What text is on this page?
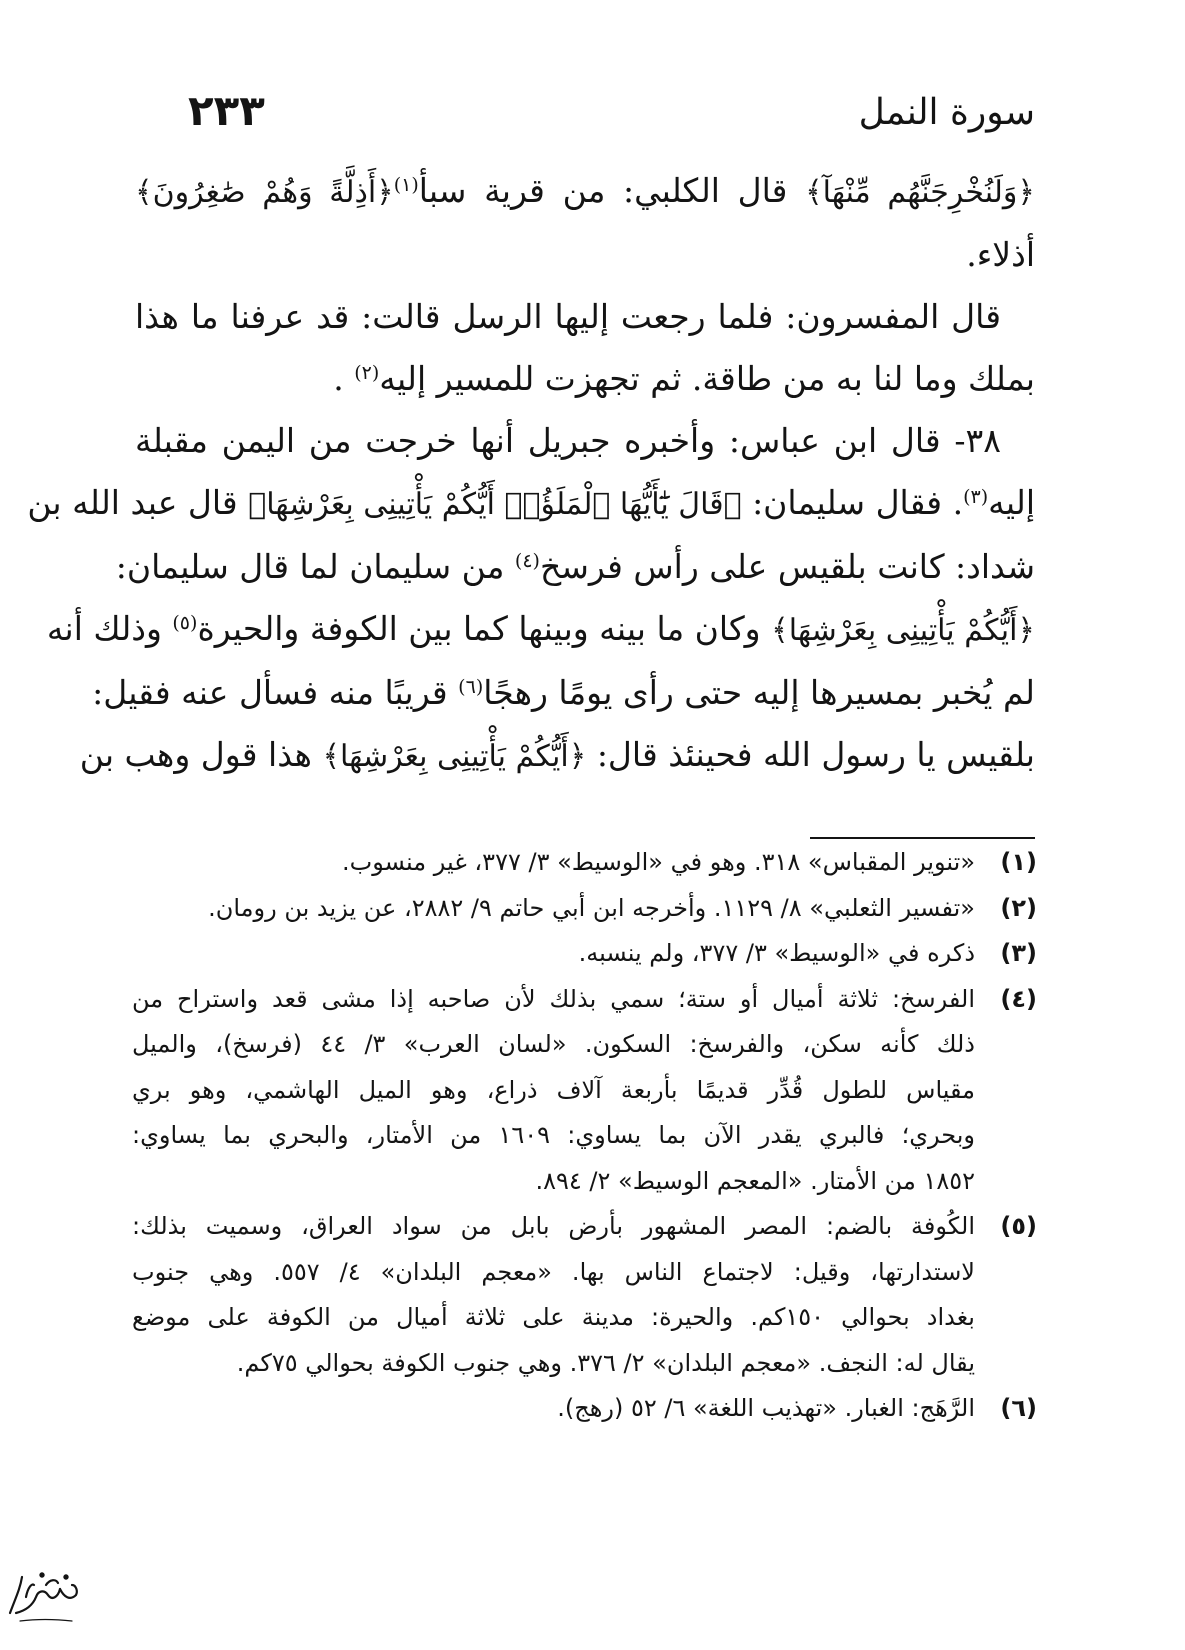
سورة النمل
٢٣٣
﴿وَلَنُخْرِجَنَّهُم مِّنْهَآ﴾ قال الكلبي: من قرية سبأ$^{(١)}$﴿أَذِلَّةً وَهُمْ صَٰغِرُونَ﴾
أذلاء.
قال المفسرون: فلما رجعت إليها الرسل قالت: قد عرفنا ما هذا
بملك وما لنا به من طاقة. ثم تجهزت للمسير إليه$^{(٢)}$ .
٣٨- قال ابن عباس: وأخبره جبريل أنها خرجت من اليمن مقبلة
إليه$^{(٣)}$. فقال سليمان: ﴿قَالَ يَٰٓأَيُّهَا ٱلْمَلَؤُا۟ أَيُّكُمْ يَأْتِينِى بِعَرْشِهَا﴾ قال عبد الله بن
شداد: كانت بلقيس على رأس فرسخ$^{(٤)}$ من سليمان لما قال سليمان:
﴿أَيُّكُمْ يَأْتِينِى بِعَرْشِهَا﴾ وكان ما بينه وبينها كما بين الكوفة والحيرة$^{(٥)}$ وذلك أنه
لم يُخبر بمسيرها إليه حتى رأى يومًا رهجًا$^{(٦)}$ قريبًا منه فسأل عنه فقيل:
بلقيس يا رسول الله فحينئذ قال: ﴿أَيُّكُمْ يَأْتِينِى بِعَرْشِهَا﴾ هذا قول وهب بن
(١)
«تنوير المقباس» ٣١٨. وهو في «الوسيط» ٣/ ٣٧٧، غير منسوب.
(٢)
«تفسير الثعلبي» ٨/ ١١٢٩. وأخرجه ابن أبي حاتم ٩/ ٢٨٨٢، عن يزيد بن رومان.
(٣)
ذكره في «الوسيط» ٣/ ٣٧٧، ولم ينسبه.
(٤)
الفرسخ: ثلاثة أميال أو ستة؛ سمي بذلك لأن صاحبه إذا مشى قعد واستراح من
ذلك كأنه سكن، والفرسخ: السكون. «لسان العرب» ٣/ ٤٤ (فرسخ)، والميل
مقياس للطول قُدِّر قديمًا بأربعة آلاف ذراع، وهو الميل الهاشمي، وهو بري
وبحري؛ فالبري يقدر الآن بما يساوي: ١٦٠٩ من الأمتار، والبحري بما يساوي:
١٨٥٢ من الأمتار. «المعجم الوسيط» ٢/ ٨٩٤.
(٥)
الكُوفة بالضم: المصر المشهور بأرض بابل من سواد العراق، وسميت بذلك:
لاستدارتها، وقيل: لاجتماع الناس بها. «معجم البلدان» ٤/ ٥٥٧. وهي جنوب
بغداد بحوالي ١٥٠كم. والحيرة: مدينة على ثلاثة أميال من الكوفة على موضع
يقال له: النجف. «معجم البلدان» ٢/ ٣٧٦. وهي جنوب الكوفة بحوالي ٧٥كم.
(٦)
الرَّهَج: الغبار. «تهذيب اللغة» ٦/ ٥٢ (رهج).
